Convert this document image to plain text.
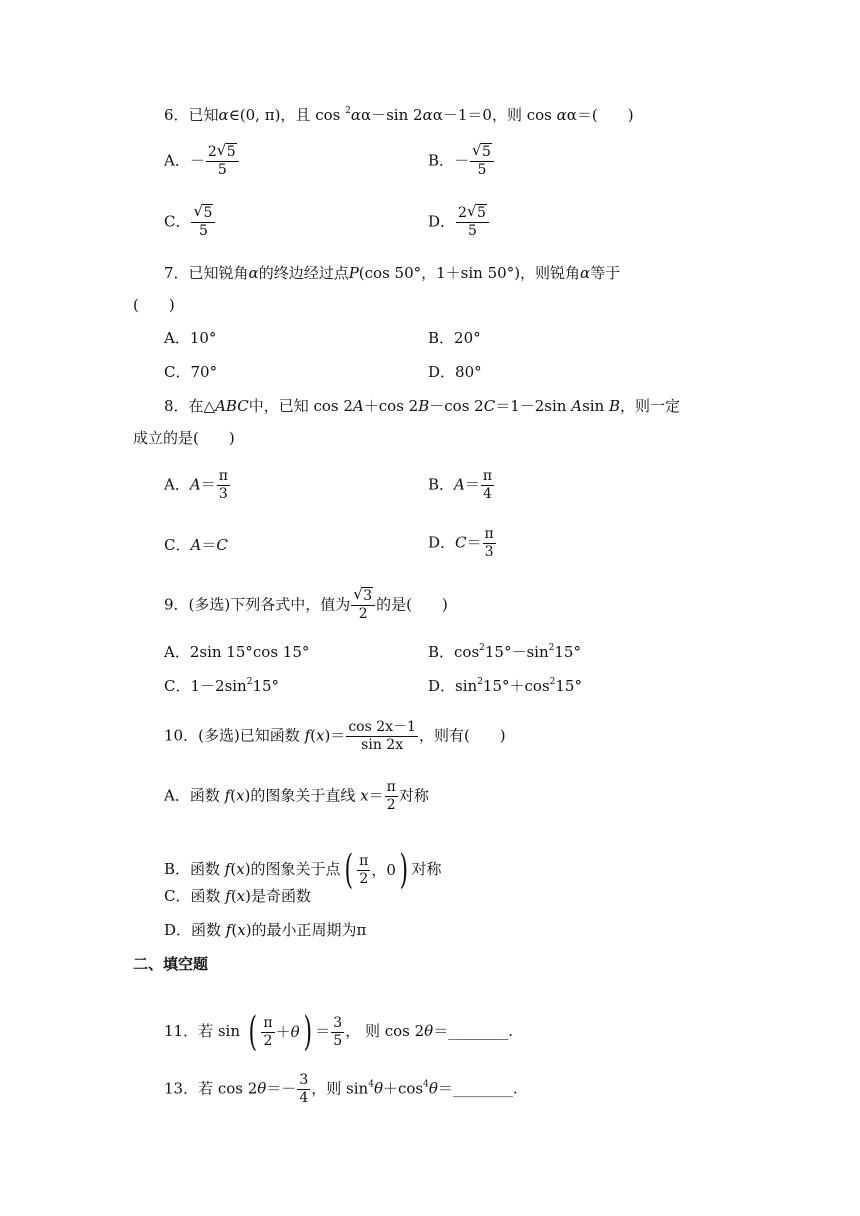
6．已知α∈(0, π)，且 cos $^2$αα－sin 2αα－1＝0，则 cos αα＝(　　)
A．－ $\frac{2 √ 5}{5}$	B．－ $\frac{√ 5}{5}$
C． $\frac{√ 5}{5}$	D． $\frac{2 √ 5}{5}$
7．已知锐角α的终边经过点P(cos 50°，1＋sin 50°)，则锐角α等于
(　　)
A．10°	B．20°
C．70°	D．80°
8．在△ABC中，已知 cos 2A＋cos 2B－cos 2C＝1－2sin Asin B，则一定
成立的是(　　)
A．$A= \frac{\pi}{3}$	B．$A= \frac{\pi}{4}$
C．A＝C	D．$C= \frac{\pi}{3}$
9．(多选)下列各式中，值为 $\frac{√ 3}{2}$ 的是(　　)
A．2sin 15°cos 15°	B．$\cos^215^\circ-\sin^215^\circ$
C．$1-2\sin^215^\circ$	D．$\sin^215^\circ+\cos^215^\circ$
10．(多选)已知函数 $f(x)= \frac{\cos 2x-1}{\sin 2x}$ ，则有(　　)
A．函数 f(x)的图象关于直线 $x= \frac{\pi}{2}$ 对称
B．函数 f(x)的图象关于点 ( $\frac{\pi}{2}$ ，0 ) 对称
C．函数 f(x)是奇函数
D．函数 f(x)的最小正周期为π
二、填空题
11．若 sin ( $\frac{\pi}{2} + \theta$ ) ＝ $\frac{3}{5}$ ， 则 cos 2θ＝________.
13．若 $\cos 2\theta=- \frac{3}{4}$ ，则 $\sin^4\theta+\cos^4\theta=\_\_\_\_\_\_\_\_$.
